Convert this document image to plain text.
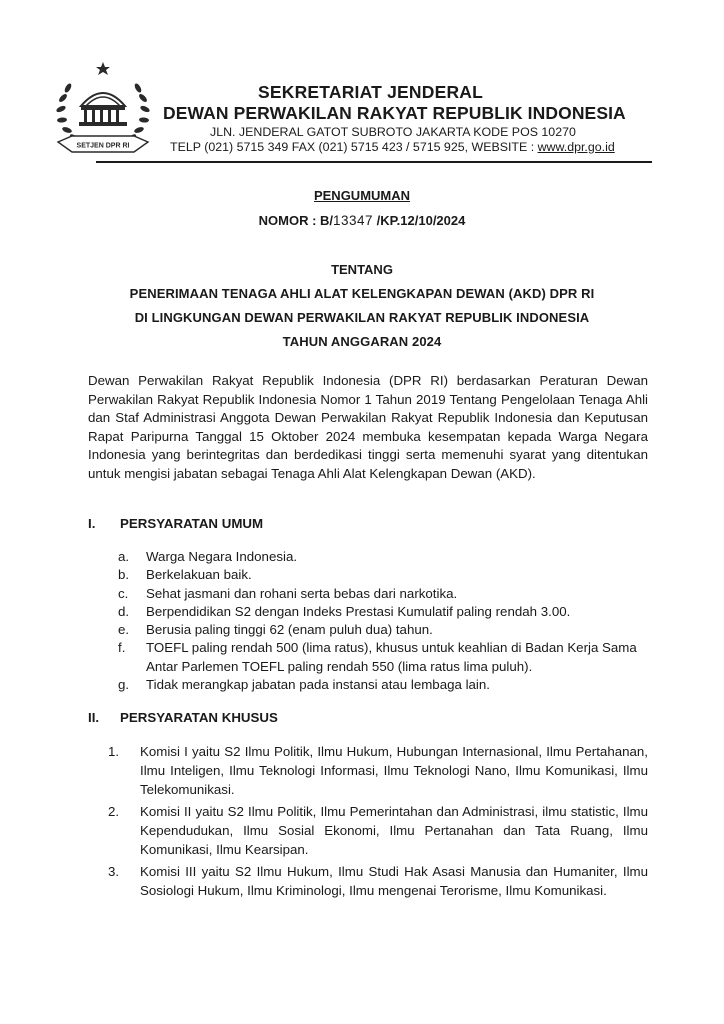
SETJEN DPR RI
SEKRETARIAT JENDERAL
DEWAN PERWAKILAN RAKYAT REPUBLIK INDONESIA
JLN. JENDERAL GATOT SUBROTO JAKARTA KODE POS 10270
TELP (021) 5715 349 FAX (021) 5715 423 / 5715 925, WEBSITE : www.dpr.go.id
PENGUMUMAN
NOMOR : B/13347 /KP.12/10/2024
TENTANG
PENERIMAAN TENAGA AHLI ALAT KELENGKAPAN DEWAN (AKD) DPR RI
DI LINGKUNGAN DEWAN PERWAKILAN RAKYAT REPUBLIK INDONESIA
TAHUN ANGGARAN 2024

Dewan Perwakilan Rakyat Republik Indonesia (DPR RI) berdasarkan Peraturan Dewan Perwakilan Rakyat Republik Indonesia Nomor 1 Tahun 2019 Tentang Pengelolaan Tenaga Ahli dan Staf Administrasi Anggota Dewan Perwakilan Rakyat Republik Indonesia dan Keputusan Rapat Paripurna Tanggal 15 Oktober 2024 membuka kesempatan kepada Warga Negara Indonesia yang berintegritas dan berdedikasi tinggi serta memenuhi syarat yang ditentukan untuk mengisi jabatan sebagai Tenaga Ahli Alat Kelengkapan Dewan (AKD).

I. PERSYARATAN UMUM
a. Warga Negara Indonesia.
b. Berkelakuan baik.
c. Sehat jasmani dan rohani serta bebas dari narkotika.
d. Berpendidikan S2 dengan Indeks Prestasi Kumulatif paling rendah 3.00.
e. Berusia paling tinggi 62 (enam puluh dua) tahun.
f. TOEFL paling rendah 500 (lima ratus), khusus untuk keahlian di Badan Kerja Sama Antar Parlemen TOEFL paling rendah 550 (lima ratus lima puluh).
g. Tidak merangkap jabatan pada instansi atau lembaga lain.
II. PERSYARATAN KHUSUS
1. Komisi I yaitu S2 Ilmu Politik, Ilmu Hukum, Hubungan Internasional, Ilmu Pertahanan, Ilmu Inteligen, Ilmu Teknologi Informasi, Ilmu Teknologi Nano, Ilmu Komunikasi, Ilmu Telekomunikasi.
2. Komisi II yaitu S2 Ilmu Politik, Ilmu Pemerintahan dan Administrasi, ilmu statistic, Ilmu Kependudukan, Ilmu Sosial Ekonomi, Ilmu Pertanahan dan Tata Ruang, Ilmu Komunikasi, Ilmu Kearsipan.
3. Komisi III yaitu S2 Ilmu Hukum, Ilmu Studi Hak Asasi Manusia dan Humaniter, Ilmu Sosiologi Hukum, Ilmu Kriminologi, Ilmu mengenai Terorisme, Ilmu Komunikasi.
